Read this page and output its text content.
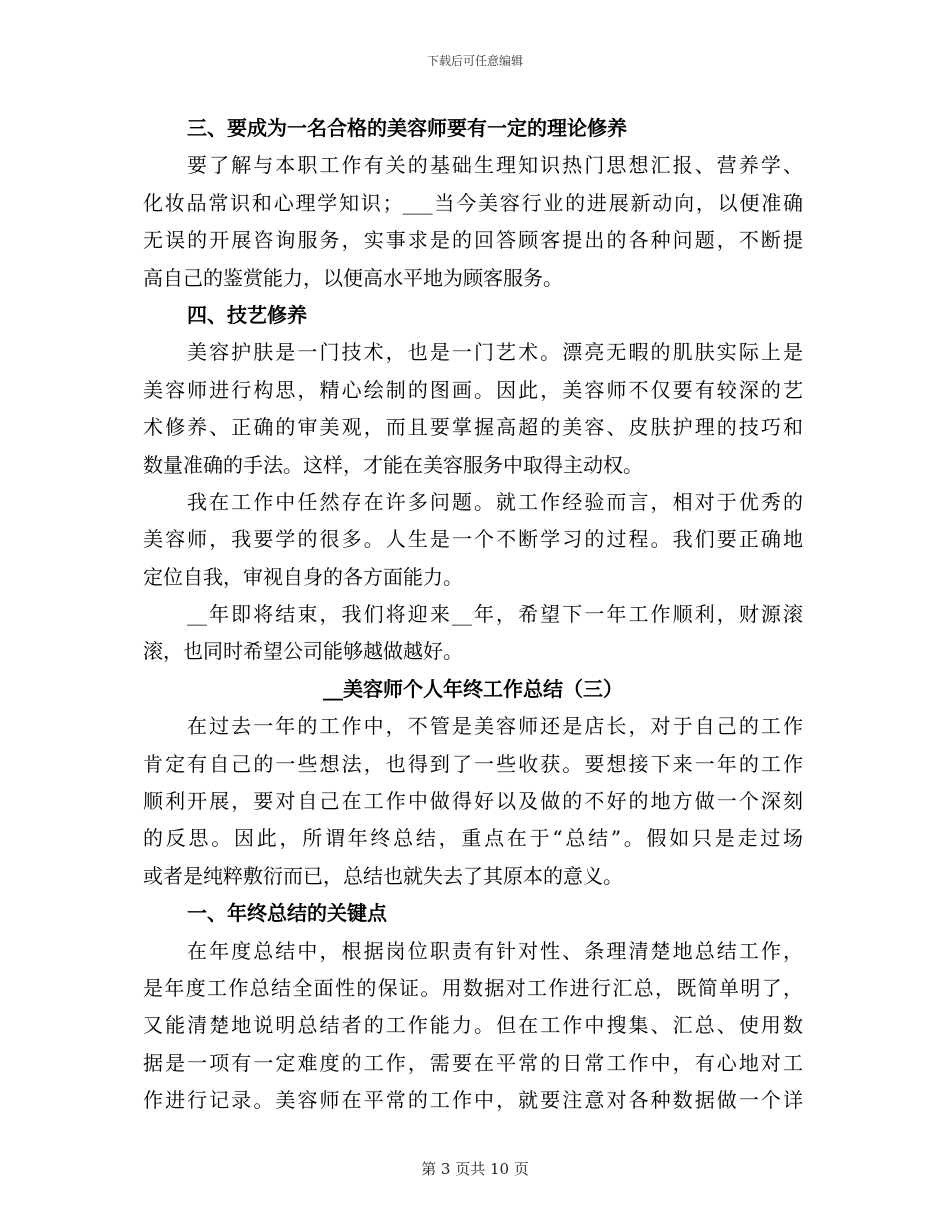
下载后可任意编辑
三、要成为一名合格的美容师要有一定的理论修养
要了解与本职工作有关的基础生理知识热门思想汇报、营养学、
化妆品常识和心理学知识；___当今美容行业的进展新动向，以便准确
无误的开展咨询服务，实事求是的回答顾客提出的各种问题，不断提
高自己的鉴赏能力，以便高水平地为顾客服务。
四、技艺修养
美容护肤是一门技术，也是一门艺术。漂亮无暇的肌肤实际上是
美容师进行构思，精心绘制的图画。因此，美容师不仅要有较深的艺
术修养、正确的审美观，而且要掌握高超的美容、皮肤护理的技巧和
数量准确的手法。这样，才能在美容服务中取得主动权。
我在工作中任然存在许多问题。就工作经验而言，相对于优秀的
美容师，我要学的很多。人生是一个不断学习的过程。我们要正确地
定位自我，审视自身的各方面能力。
__年即将结束，我们将迎来__年，希望下一年工作顺利，财源滚
滚，也同时希望公司能够越做越好。
__美容师个人年终工作总结（三）
在过去一年的工作中，不管是美容师还是店长，对于自己的工作
肯定有自己的一些想法，也得到了一些收获。要想接下来一年的工作
顺利开展，要对自己在工作中做得好以及做的不好的地方做一个深刻
的反思。因此，所谓年终总结，重点在于“总结”。假如只是走过场
或者是纯粹敷衍而已，总结也就失去了其原本的意义。
一、年终总结的关键点
在年度总结中，根据岗位职责有针对性、条理清楚地总结工作，
是年度工作总结全面性的保证。用数据对工作进行汇总，既简单明了，
又能清楚地说明总结者的工作能力。但在工作中搜集、汇总、使用数
据是一项有一定难度的工作，需要在平常的日常工作中，有心地对工
作进行记录。美容师在平常的工作中，就要注意对各种数据做一个详
第 3 页共 10 页
